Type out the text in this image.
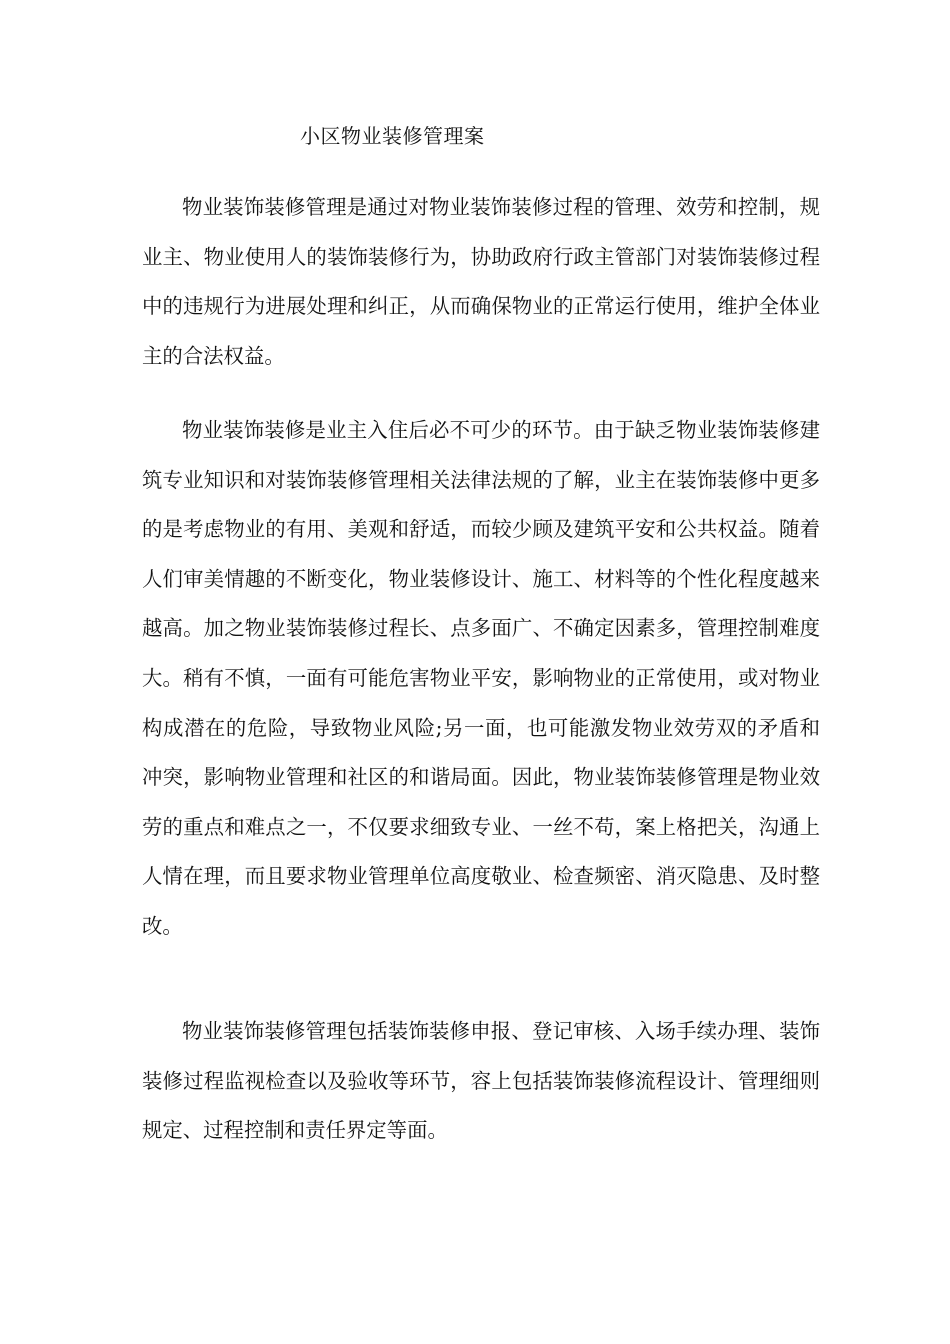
小区物业装修管理案

物业装饰装修管理是通过对物业装饰装修过程的管理、效劳和控制，规业主、物业使用人的装饰装修行为，协助政府行政主管部门对装饰装修过程中的违规行为进展处理和纠正，从而确保物业的正常运行使用，维护全体业主的合法权益。

物业装饰装修是业主入住后必不可少的环节。由于缺乏物业装饰装修建筑专业知识和对装饰装修管理相关法律法规的了解，业主在装饰装修中更多的是考虑物业的有用、美观和舒适，而较少顾及建筑平安和公共权益。随着人们审美情趣的不断变化，物业装修设计、施工、材料等的个性化程度越来越高。加之物业装饰装修过程长、点多面广、不确定因素多，管理控制难度大。稍有不慎，一面有可能危害物业平安，影响物业的正常使用，或对物业构成潜在的危险，导致物业风险;另一面，也可能激发物业效劳双的矛盾和冲突，影响物业管理和社区的和谐局面。因此，物业装饰装修管理是物业效劳的重点和难点之一，不仅要求细致专业、一丝不苟，案上格把关，沟通上人情在理，而且要求物业管理单位高度敬业、检查频密、消灭隐患、及时整改。

物业装饰装修管理包括装饰装修申报、登记审核、入场手续办理、装饰装修过程监视检查以及验收等环节，容上包括装饰装修流程设计、管理细则规定、过程控制和责任界定等面。
